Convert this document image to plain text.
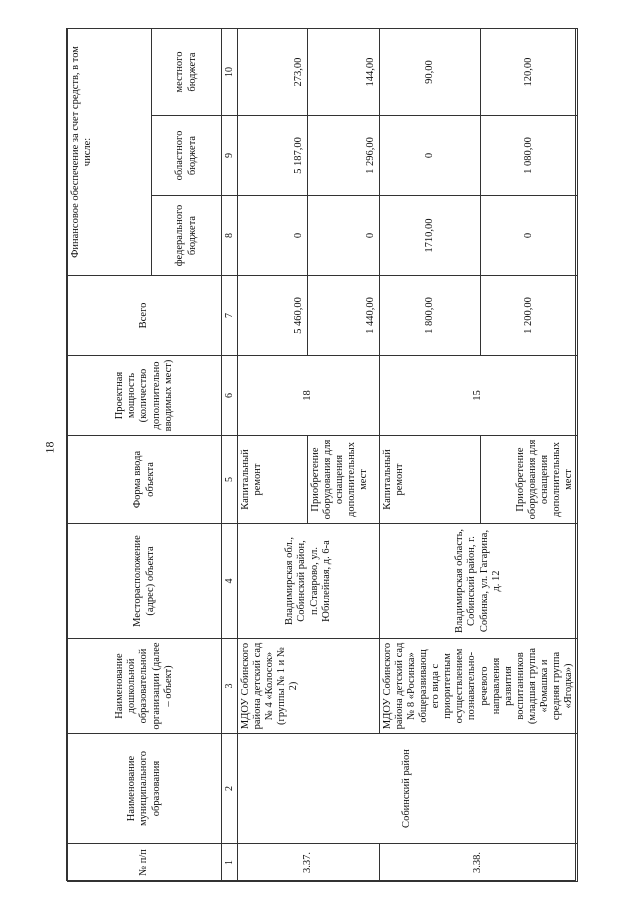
18
№ п/п	Наименование муниципального образования	Наименование дошкольной образовательной организации (далее – объект)	Месторасположение (адрес) объекта	Форма ввода объекта	Проектная мощность (количество дополнительно вводимых мест)	Всего	Финансовое обеспечение за счет средств, в том числе:		
							федерального бюджета	областного бюджета	местного бюджета
1	2	3	4	5	6	7	8	9	10
3.37.	Собинский район	МДОУ Собинского района детский сад № 4 «Колосок» (группы № 1 и № 2)	Владимирская обл., Собинский район, п.Ставрово, ул. Юбилейная, д. 6-а	Капитальный ремонт	18	5 460,00	0	5 187,00	273,00
				Приобретение оборудования для оснащения дополнительных мест		1 440,00	0	1 296,00	144,00
3.38.		МДОУ Собинского района детский сад № 8 «Росинка» общеразвивающ его вида с приоритетным осуществлением познавательно-речевого направления развития воспитанников (младшая группа «Ромашка и средняя группа «Ягодка»)	Владимирская область, Собинский район, г. Собинка, ул. Гагарина, д. 12	Капитальный ремонт	15	1 800,00	1710,00	0	90,00
				Приобретение оборудования для оснащения дополнительных мест		1 200,00	0	1 080,00	120,00
